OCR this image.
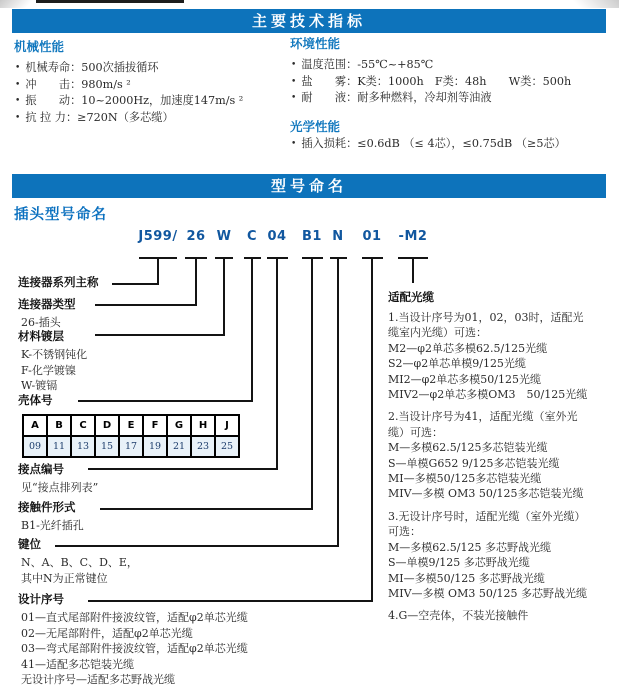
主要技术指标
机械性能
• 机械寿命：500次插拔循环
• 冲　　击：980m/s ²
• 振　　动：10~2000Hz，加速度147m/s ²
• 抗 拉 力：≥720N（多芯缆）
环境性能
• 温度范围：-55℃~+85℃
• 盐　　雾：K类：1000h　F类：48h　　W类：500h
• 耐　　液：耐多种燃料，冷却剂等油液
光学性能
• 插入损耗：≤0.6dB （≤ 4芯），≤0.75dB （≥5芯）
型号命名
插头型号命名
A	B	C	D	E	F	G	H	J
09	11	13	15	17	19	21	23	25
适配光缆
1.当设计序号为01，02，03时，适配光
缆室内光缆）可选：
M2—φ2单芯多模62.5/125光缆
S2—φ2单芯单模9/125光缆
MI2—φ2单芯多模50/125光缆
MIV2—φ2单芯多模OM3　50/125光缆
2.当设计序号为41，适配光缆（室外光
缆）可选：
M—多模62.5/125多芯铠装光缆
S—单模G652 9/125多芯铠装光缆
MI—多模50/125多芯铠装光缆
MIV—多模 OM3 50/125多芯铠装光缆
3.无设计序号时，适配光缆（室外光缆）
可选：
M—多模62.5/125 多芯野战光缆
S—单模9/125 多芯野战光缆
MI—多模50/125 多芯野战光缆
MIV—多模 OM3 50/125 多芯野战光缆
4.G—空壳体，不装光接触件
J599/ 26 W C 04 B1 N 01 -M2
连接器系列主称
连接器类型
26-插头
材料镀层
K-不锈钢钝化
F-化学镀镍
W-镀镉
壳体号
接点编号
见“接点排列表”
接触件形式
B1-光纤插孔
键位
N、A、B、C、D、E，
其中N为正常键位
设计序号
01—直式尾部附件接波纹管，适配φ2单芯光缆
02—无尾部附件，适配φ2单芯光缆
03—弯式尾部附件接波纹管，适配φ2单芯光缆
41—适配多芯铠装光缆
无设计序号—适配多芯野战光缆
